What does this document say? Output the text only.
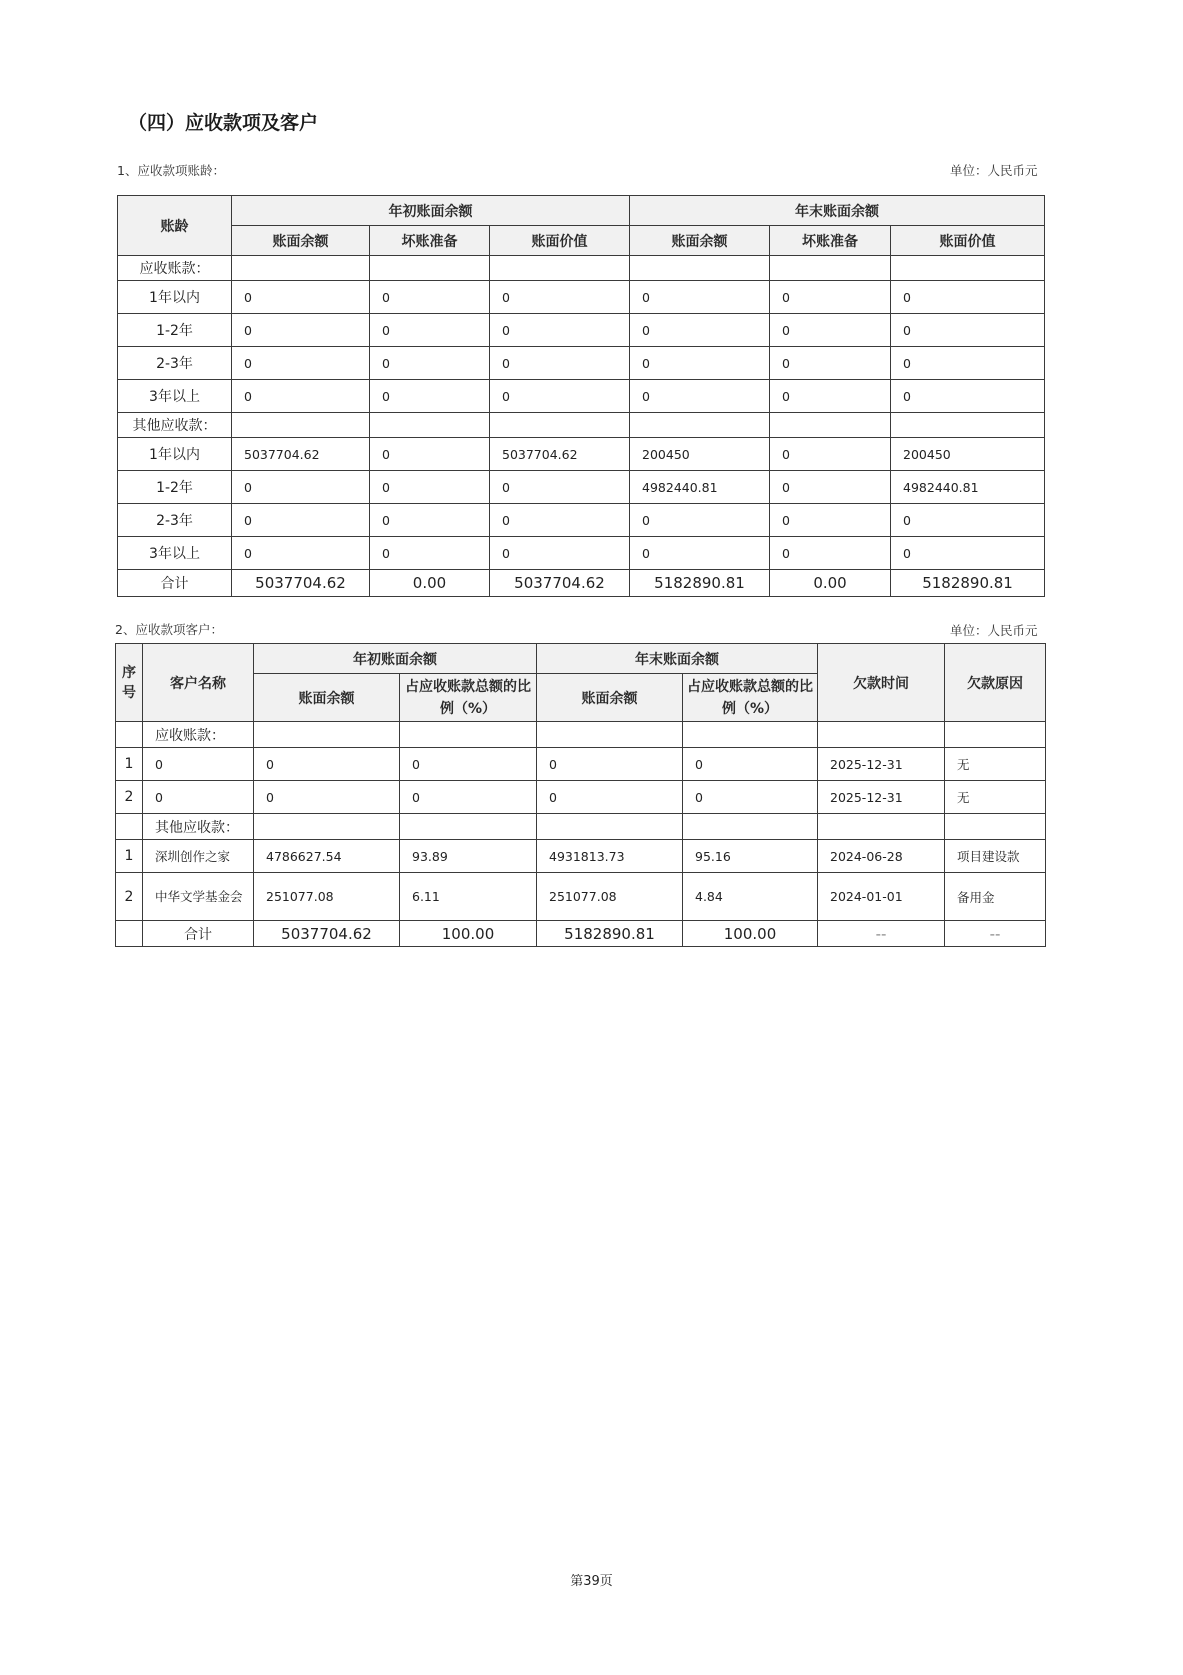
（四）应收款项及客户
1、应收款项账龄：	单位：人民币元
账龄	年初账面余额			年末账面余额		
	账面余额	坏账准备	账面价值	账面余额	坏账准备	账面价值
应收账款：						
1年以内	0	0	0	0	0	0
1-2年	0	0	0	0	0	0
2-3年	0	0	0	0	0	0
3年以上	0	0	0	0	0	0
其他应收款：						
1年以内	5037704.62	0	5037704.62	200450	0	200450
1-2年	0	0	0	4982440.81	0	4982440.81
2-3年	0	0	0	0	0	0
3年以上	0	0	0	0	0	0
合计	5037704.62	0.00	5037704.62	5182890.81	0.00	5182890.81
2、应收款项客户：	单位：人民币元
序号	客户名称	年初账面余额		年末账面余额		欠款时间	欠款原因
		账面余额	占应收账款总额的比例（%）	账面余额	占应收账款总额的比例（%）		
	应收账款：						
1	0	0	0	0	0	2025-12-31	无
2	0	0	0	0	0	2025-12-31	无
	其他应收款：						
1	深圳创作之家	4786627.54	93.89	4931813.73	95.16	2024-06-28	项目建设款
2	中华文学基金会	251077.08	6.11	251077.08	4.84	2024-01-01	备用金
	合计	5037704.62	100.00	5182890.81	100.00	--	--
第39页
